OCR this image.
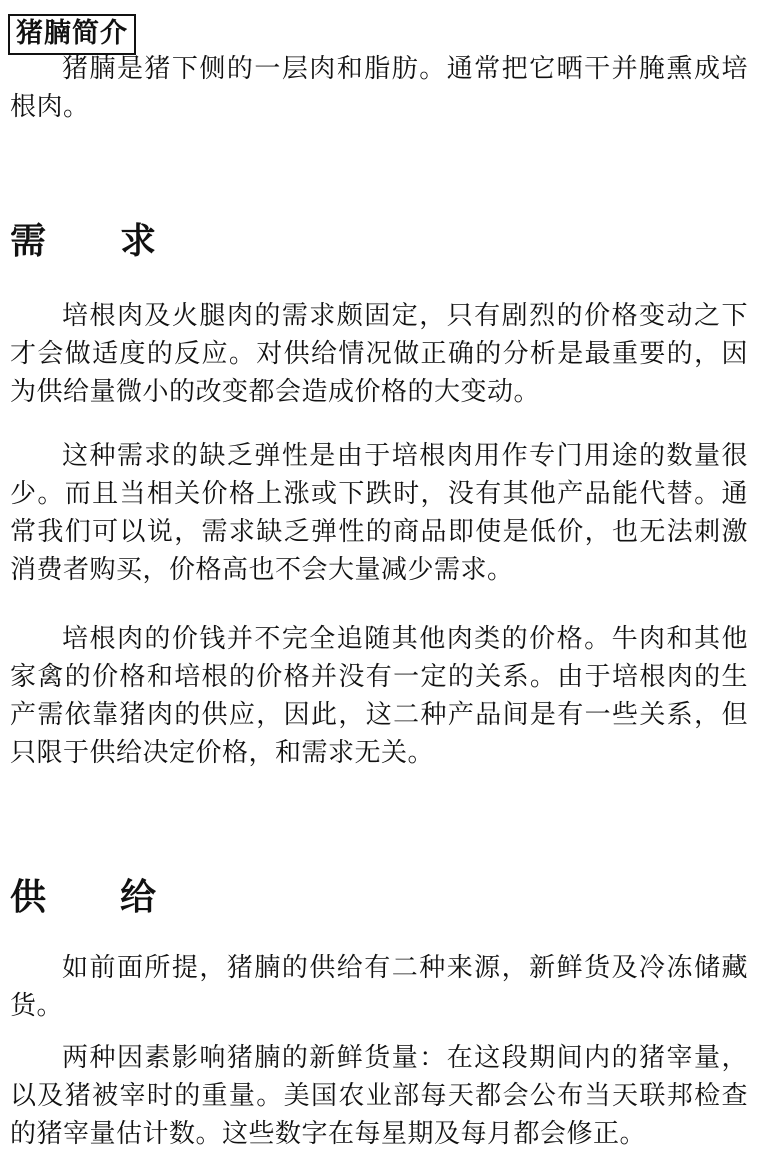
猪腩简介

猪腩是猪下侧的一层肉和脂肪。通常把它晒干并腌熏成培根肉。

需求

培根肉及火腿肉的需求颇固定，只有剧烈的价格变动之下才会做适度的反应。对供给情况做正确的分析是最重要的，因为供给量微小的改变都会造成价格的大变动。

这种需求的缺乏弹性是由于培根肉用作专门用途的数量很少。而且当相关价格上涨或下跌时，没有其他产品能代替。通常我们可以说，需求缺乏弹性的商品即使是低价，也无法刺激消费者购买，价格高也不会大量减少需求。

培根肉的价钱并不完全追随其他肉类的价格。牛肉和其他家禽的价格和培根的价格并没有一定的关系。由于培根肉的生产需依靠猪肉的供应，因此，这二种产品间是有一些关系，但只限于供给决定价格，和需求无关。

供给

如前面所提，猪腩的供给有二种来源，新鲜货及冷冻储藏货。

两种因素影响猪腩的新鲜货量：在这段期间内的猪宰量，以及猪被宰时的重量。美国农业部每天都会公布当天联邦检查的猪宰量估计数。这些数字在每星期及每月都会修正。
